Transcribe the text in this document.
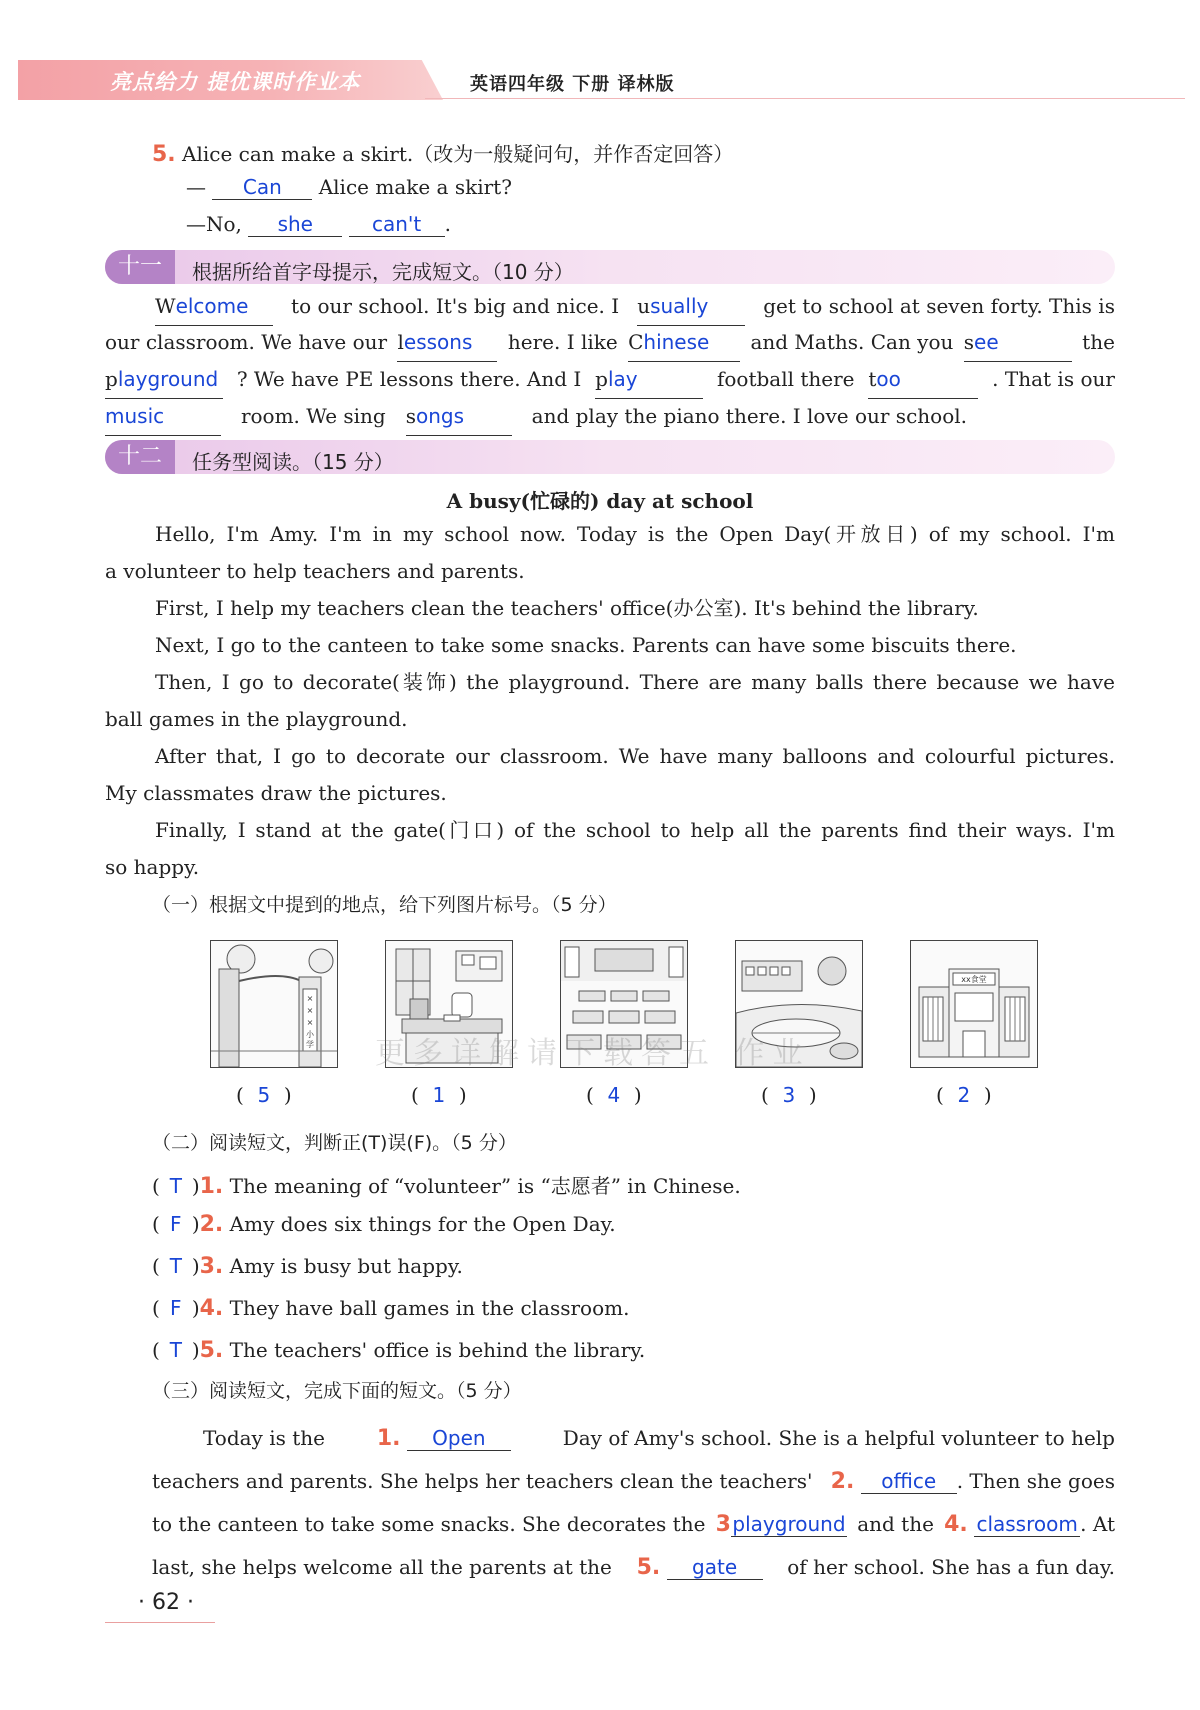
亮点给力 提优课时作业本	英语四年级 下册 译林版
5. Alice can make a skirt.（改为一般疑问句，并作否定回答）
— Can Alice make a skirt?
—No, she	can't .
十一	根据所给首字母提示，完成短文。（10 分）
Welcome	to our school. It's big and nice. I usually	get to school at seven forty. This is
our classroom. We have our lessons	here. I like Chinese	and Maths. Can you see	the
playground ? We have PE lessons there. And I play	football there too	. That is our
music	room. We sing songs	and play the piano there. I love our school.
十二	任务型阅读。（15 分）
A busy(忙碌的) day at school
Hello, I'm Amy. I'm in my school now. Today is the Open Day(开放日) of my school. I'm
a volunteer to help teachers and parents.
First, I help my teachers clean the teachers' office(办公室). It's behind the library.
Next, I go to the canteen to take some snacks. Parents can have some biscuits there.
Then, I go to decorate(装饰) the playground. There are many balls there because we have
ball games in the playground.
After that, I go to decorate our classroom. We have many balloons and colourful pictures.
My classmates draw the pictures.
Finally, I stand at the gate(门口) of the school to help all the parents find their ways. I'm
so happy.
（一）根据文中提到的地点，给下列图片标号。（5 分）
×
×
×
小
学
xx食堂
更多详解请下载答五 作业
( 5 )	( 1 )	( 4 )	( 3 )	( 2 )
（二）阅读短文，判断正(T)误(F)。（5 分）
( T )1. The meaning of “volunteer” is “志愿者” in Chinese.
( F )2. Amy does six things for the Open Day.
( T )3. Amy is busy but happy.
( F )4. They have ball games in the classroom.
( T )5. The teachers' office is behind the library.
（三）阅读短文，完成下面的短文。（5 分）
Today is the 1. Open	Day of Amy's school. She is a helpful volunteer to help
teachers and parents. She helps her teachers clean the teachers' 2. office . Then she goes
to the canteen to take some snacks. She decorates the 3playground and the 4. classroom . At
last, she helps welcome all the parents at the 5. gate	of her school. She has a fun day.
· 62 ·
